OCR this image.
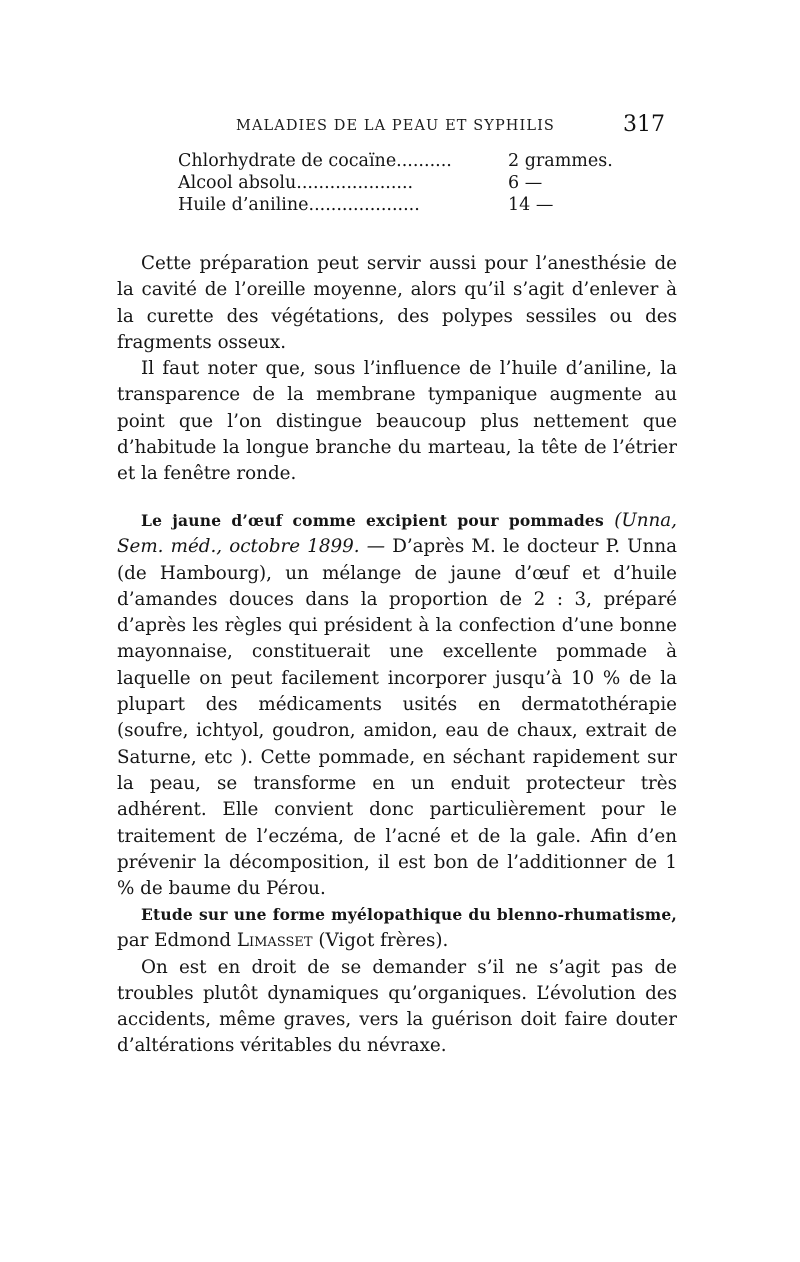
MALADIES DE LA PEAU ET SYPHILIS	317
Chlorhydrate de cocaïne..........	2 grammes.
Alcool absolu.....................	6 —
Huile d’aniline....................	14 —

Cette préparation peut servir aussi pour l’anesthésie de la cavité de l’oreille moyenne, alors qu’il s’agit d’enlever à la curette des végétations, des polypes sessiles ou des fragments osseux.

Il faut noter que, sous l’influence de l’huile d’aniline, la transparence de la membrane tympanique augmente au point que l’on distingue beaucoup plus nettement que d’habitude la longue branche du marteau, la tête de l’étrier et la fenêtre ronde.

Le jaune d’œuf comme excipient pour pommades (Unna, Sem. méd., octobre 1899. — D’après M. le docteur P. Unna (de Hambourg), un mélange de jaune d’œuf et d’huile d’amandes douces dans la proportion de 2 : 3, préparé d’après les règles qui président à la confection d’une bonne mayonnaise, constituerait une excellente pommade à laquelle on peut facilement incorporer jusqu’à 10 % de la plupart des médicaments usités en dermatothérapie (soufre, ichtyol, goudron, amidon, eau de chaux, extrait de Saturne, etc ). Cette pommade, en séchant rapidement sur la peau, se transforme en un enduit protecteur très adhérent. Elle convient donc particulièrement pour le traitement de l’eczéma, de l’acné et de la gale. Afin d’en prévenir la décomposition, il est bon de l’additionner de 1 % de baume du Pérou.

Etude sur une forme myélopathique du blenno-rhumatisme, par Edmond Limasset (Vigot frères).

On est en droit de se demander s’il ne s’agit pas de troubles plutôt dynamiques qu’organiques. L’évolution des accidents, même graves, vers la guérison doit faire douter d’altérations véritables du névraxe.
